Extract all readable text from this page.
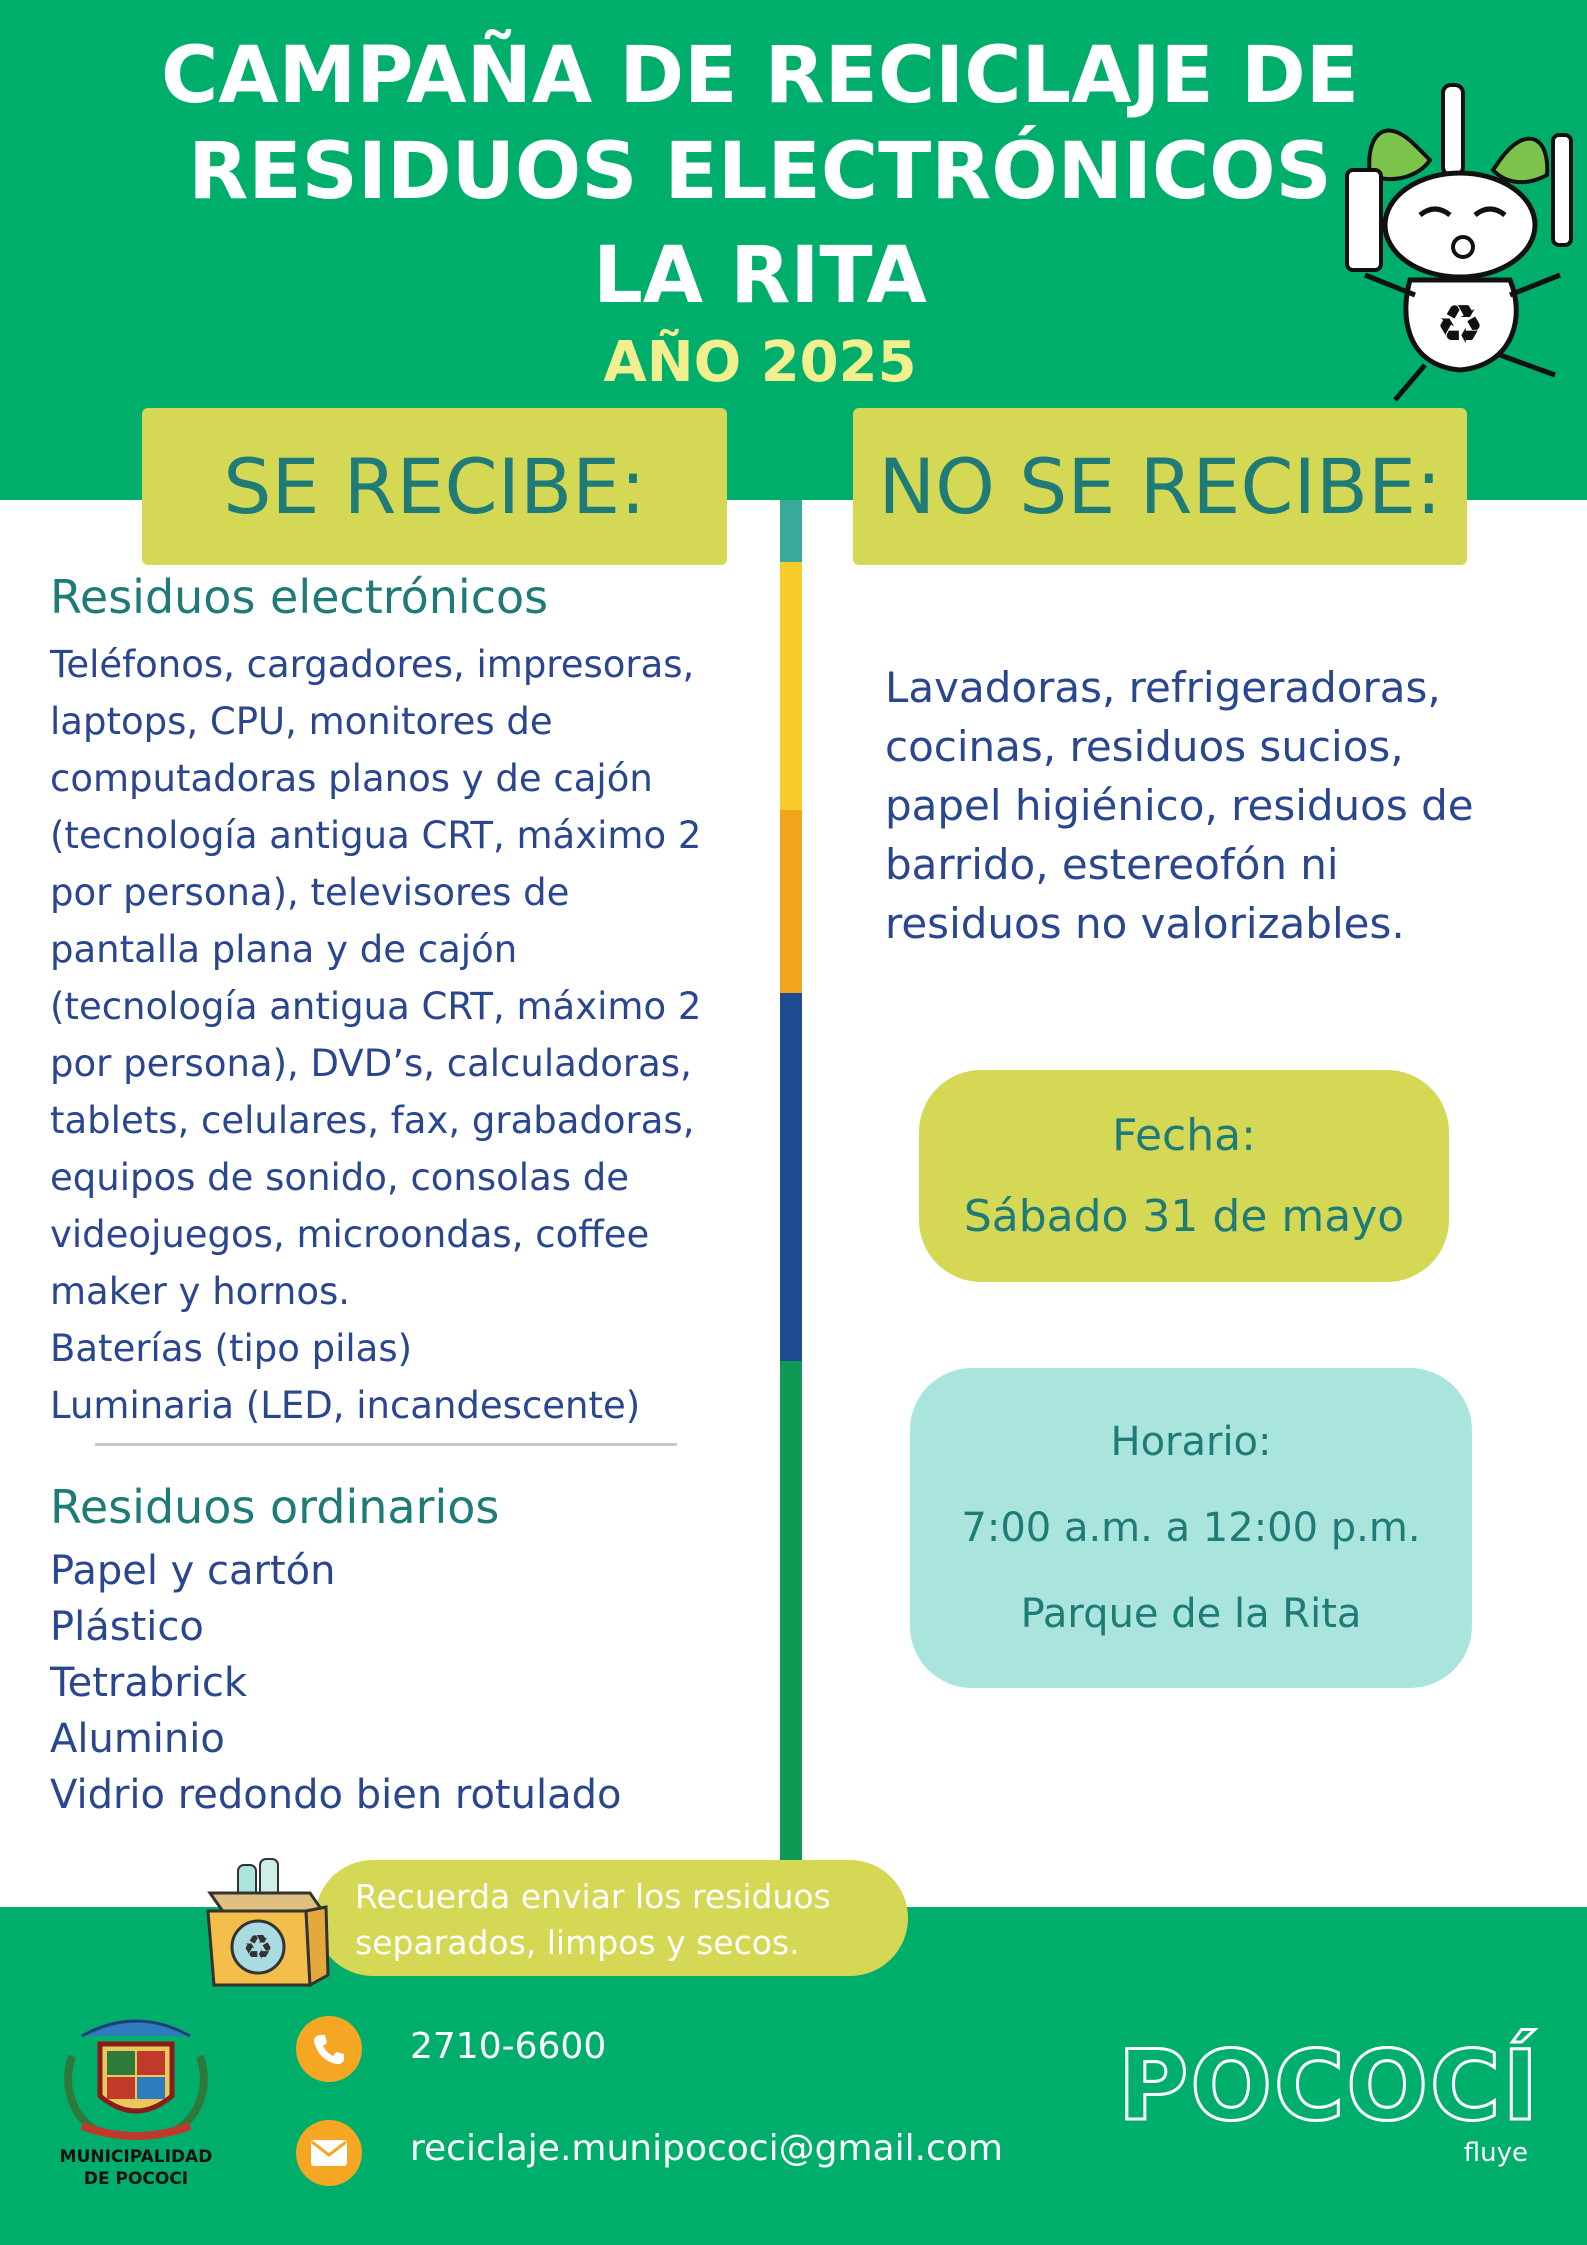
CAMPAÑA DE RECICLAJE DE
RESIDUOS ELECTRÓNICOS
LA RITA
AÑO 2025
♻
SE RECIBE:	NO SE RECIBE:
Residuos electrónicos
Teléfonos, cargadores, impresoras,
laptops, CPU, monitores de
computadoras planos y de cajón
(tecnología antigua CRT, máximo 2
por persona), televisores de
pantalla plana y de cajón
(tecnología antigua CRT, máximo 2
por persona), DVD’s, calculadoras,
tablets, celulares, fax, grabadoras,
equipos de sonido, consolas de
videojuegos, microondas, coffee
maker y hornos.
Baterías (tipo pilas)
Luminaria (LED, incandescente)
Residuos ordinarios
Papel y cartón
Plástico
Tetrabrick
Aluminio
Vidrio redondo bien rotulado
Lavadoras, refrigeradoras,
cocinas, residuos sucios,
papel higiénico, residuos de
barrido, estereofón ni
residuos no valorizables.
Fecha:
Sábado 31 de mayo
Horario:
7:00 a.m. a 12:00 p.m.
Parque de la Rita
Recuerda enviar los residuos
separados, limpos y secos.
♻
MUNICIPALIDAD
DE POCOCI
2710-6600
reciclaje.munipococi@gmail.com
POCOCÍ
fluye
